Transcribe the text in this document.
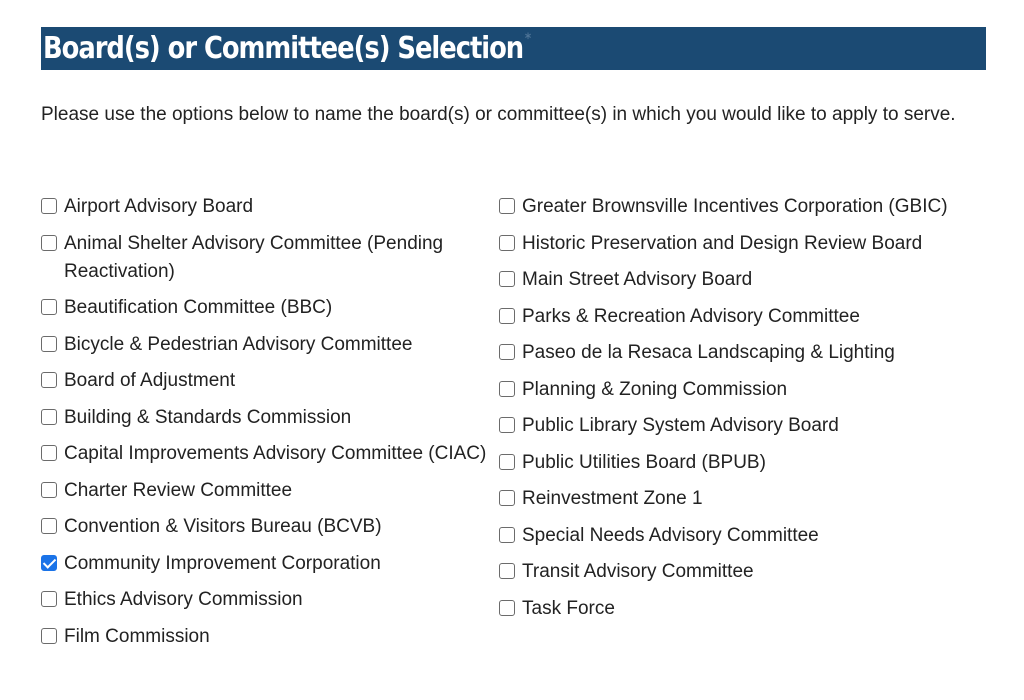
Board(s) or Committee(s) Selection *
Please use the options below to name the board(s) or committee(s) in which you would like to apply to serve.
Airport Advisory Board
Animal Shelter Advisory Committee (Pending Reactivation)
Beautification Committee (BBC)
Bicycle & Pedestrian Advisory Committee
Board of Adjustment
Building & Standards Commission
Capital Improvements Advisory Committee (CIAC)
Charter Review Committee
Convention & Visitors Bureau (BCVB)
Community Improvement Corporation
Ethics Advisory Commission
Film Commission
Greater Brownsville Incentives Corporation (GBIC)
Historic Preservation and Design Review Board
Main Street Advisory Board
Parks & Recreation Advisory Committee
Paseo de la Resaca Landscaping & Lighting
Planning & Zoning Commission
Public Library System Advisory Board
Public Utilities Board (BPUB)
Reinvestment Zone 1
Special Needs Advisory Committee
Transit Advisory Committee
Task Force
